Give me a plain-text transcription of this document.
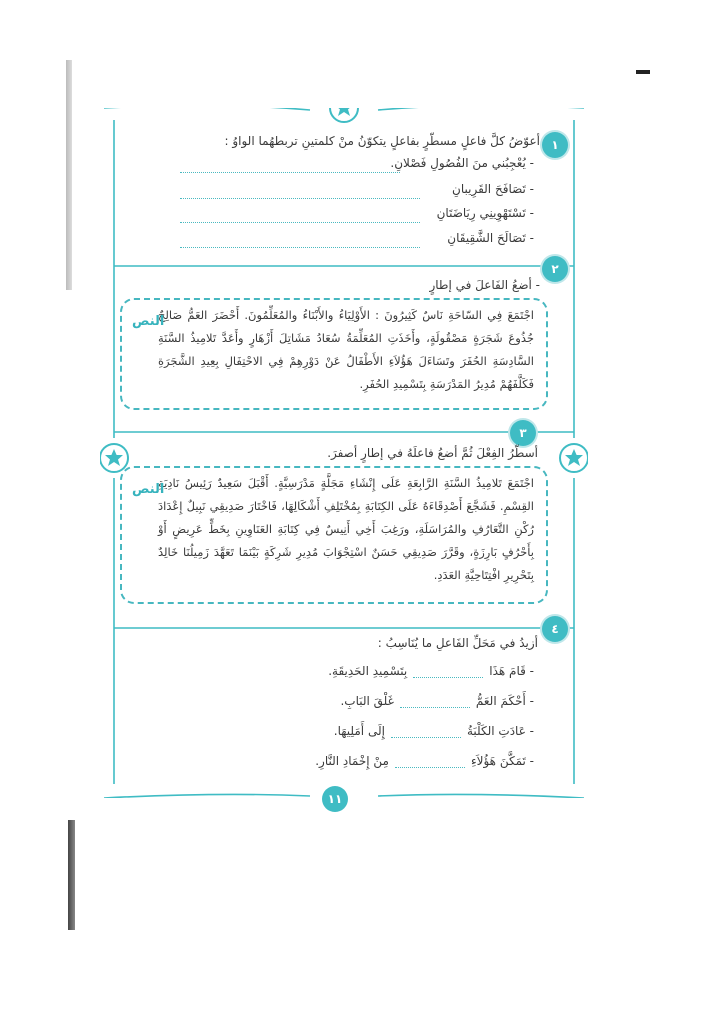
١
أعوّضُ كلَّ فاعلٍ مسطّرٍ بفاعلٍ يتكوّنُ منْ كلمتينِ تربطهُما الواوُ :
- يُعْجِبُني منَ الفُصُولِ فَصْلانِ.
- تَصَافَحَ القَرِيبانِ
- تَسْتَهْوِينِي رِيَاضَتَانِ
- تَصَالَحَ الشَّقِيقَانِ
٢
- أضعُ الفَاعلَ في إطارٍ
النص
اجْتَمَعَ فِي السّاحَةِ نَاسٌ كَثِيرُونَ : الأَوْلِيَاءُ والأَبْنَاءُ والمُعَلِّمُونَ. أَحْضَرَ العَمُّ صَالِحٌ جُذُوعَ شَجَرَةٍ مَصْقُولَةٍ، وأَخَذَتِ المُعَلِّمَةُ سُعَادُ مَشَاتِلَ أَزْهَارٍ وأَعَدَّ تَلامِيذُ السَّنَةِ السَّادِسَةِ الحُفَرَ وتَسَاءَلَ هَؤُلاَءِ الأَطْفَالُ عَنْ دَوْرِهِمْ فِي الاحْتِفَالِ بِعِيدِ الشَّجَرَةِ فَكَلَّفَهُمْ مُدِيرُ المَدْرَسَةِ بِتَسْمِيدِ الحُفَرِ.
٣
أسطّرُ الفِعْلَ ثُمَّ أضعُ فاعلَهُ في إطارٍ أصفرَ.
النص
اجْتَمَعَ تَلامِيذُ السَّنَةِ الرَّابِعَةِ عَلَى إِنْشَاءِ مَجَلَّةٍ مَدْرَسِيَّةٍ. أَقْبَلَ سَعِيدٌ رَئِيسُ نَادِيَةِ القِسْمِ. فَشَجَّعَ أَصْدِقَاءَهُ عَلَى الكِتَابَةِ بِمُخْتَلِفِ أَشْكَالِهَا، فَاخْتَارَ صَدِيقِي نَبِيلٌ إِعْدَادَ رُكْنِ التَّعَارُفِ والمُرَاسَلَةِ، ورَغِبَ أَخِي أَنِيسٌ فِي كِتَابَةِ العَنَاوِينِ بِخَطٍّ عَرِيضٍ أَوْ بِأَحْرُفٍ بَارِزَةٍ، وقَرَّرَ صَدِيقِي حَسَنٌ اسْتِجْوَابَ مُدِيرِ شَرِكَةٍ بَيْنَمَا تَعَهَّدَ زَمِيلُنَا خَالِدٌ بِتَحْرِيرِ افْتِتَاحِيَّةِ العَدَدِ.
٤
أزيدُ في مَحَلِّ الفَاعلِ ما يُنَاسِبُ :
- قَامَ هَذَابِتَسْمِيدِ الحَدِيقَةِ.
- أَحْكَمَ العَمُّغَلْقَ البَابِ.
- عَادَتِ الكَلْبَةُإِلَى أَمَلِيهَا.
- تَمَكَّنَ هَؤُلاَءِمِنْ إِخْمَادِ النَّارِ.
١١
